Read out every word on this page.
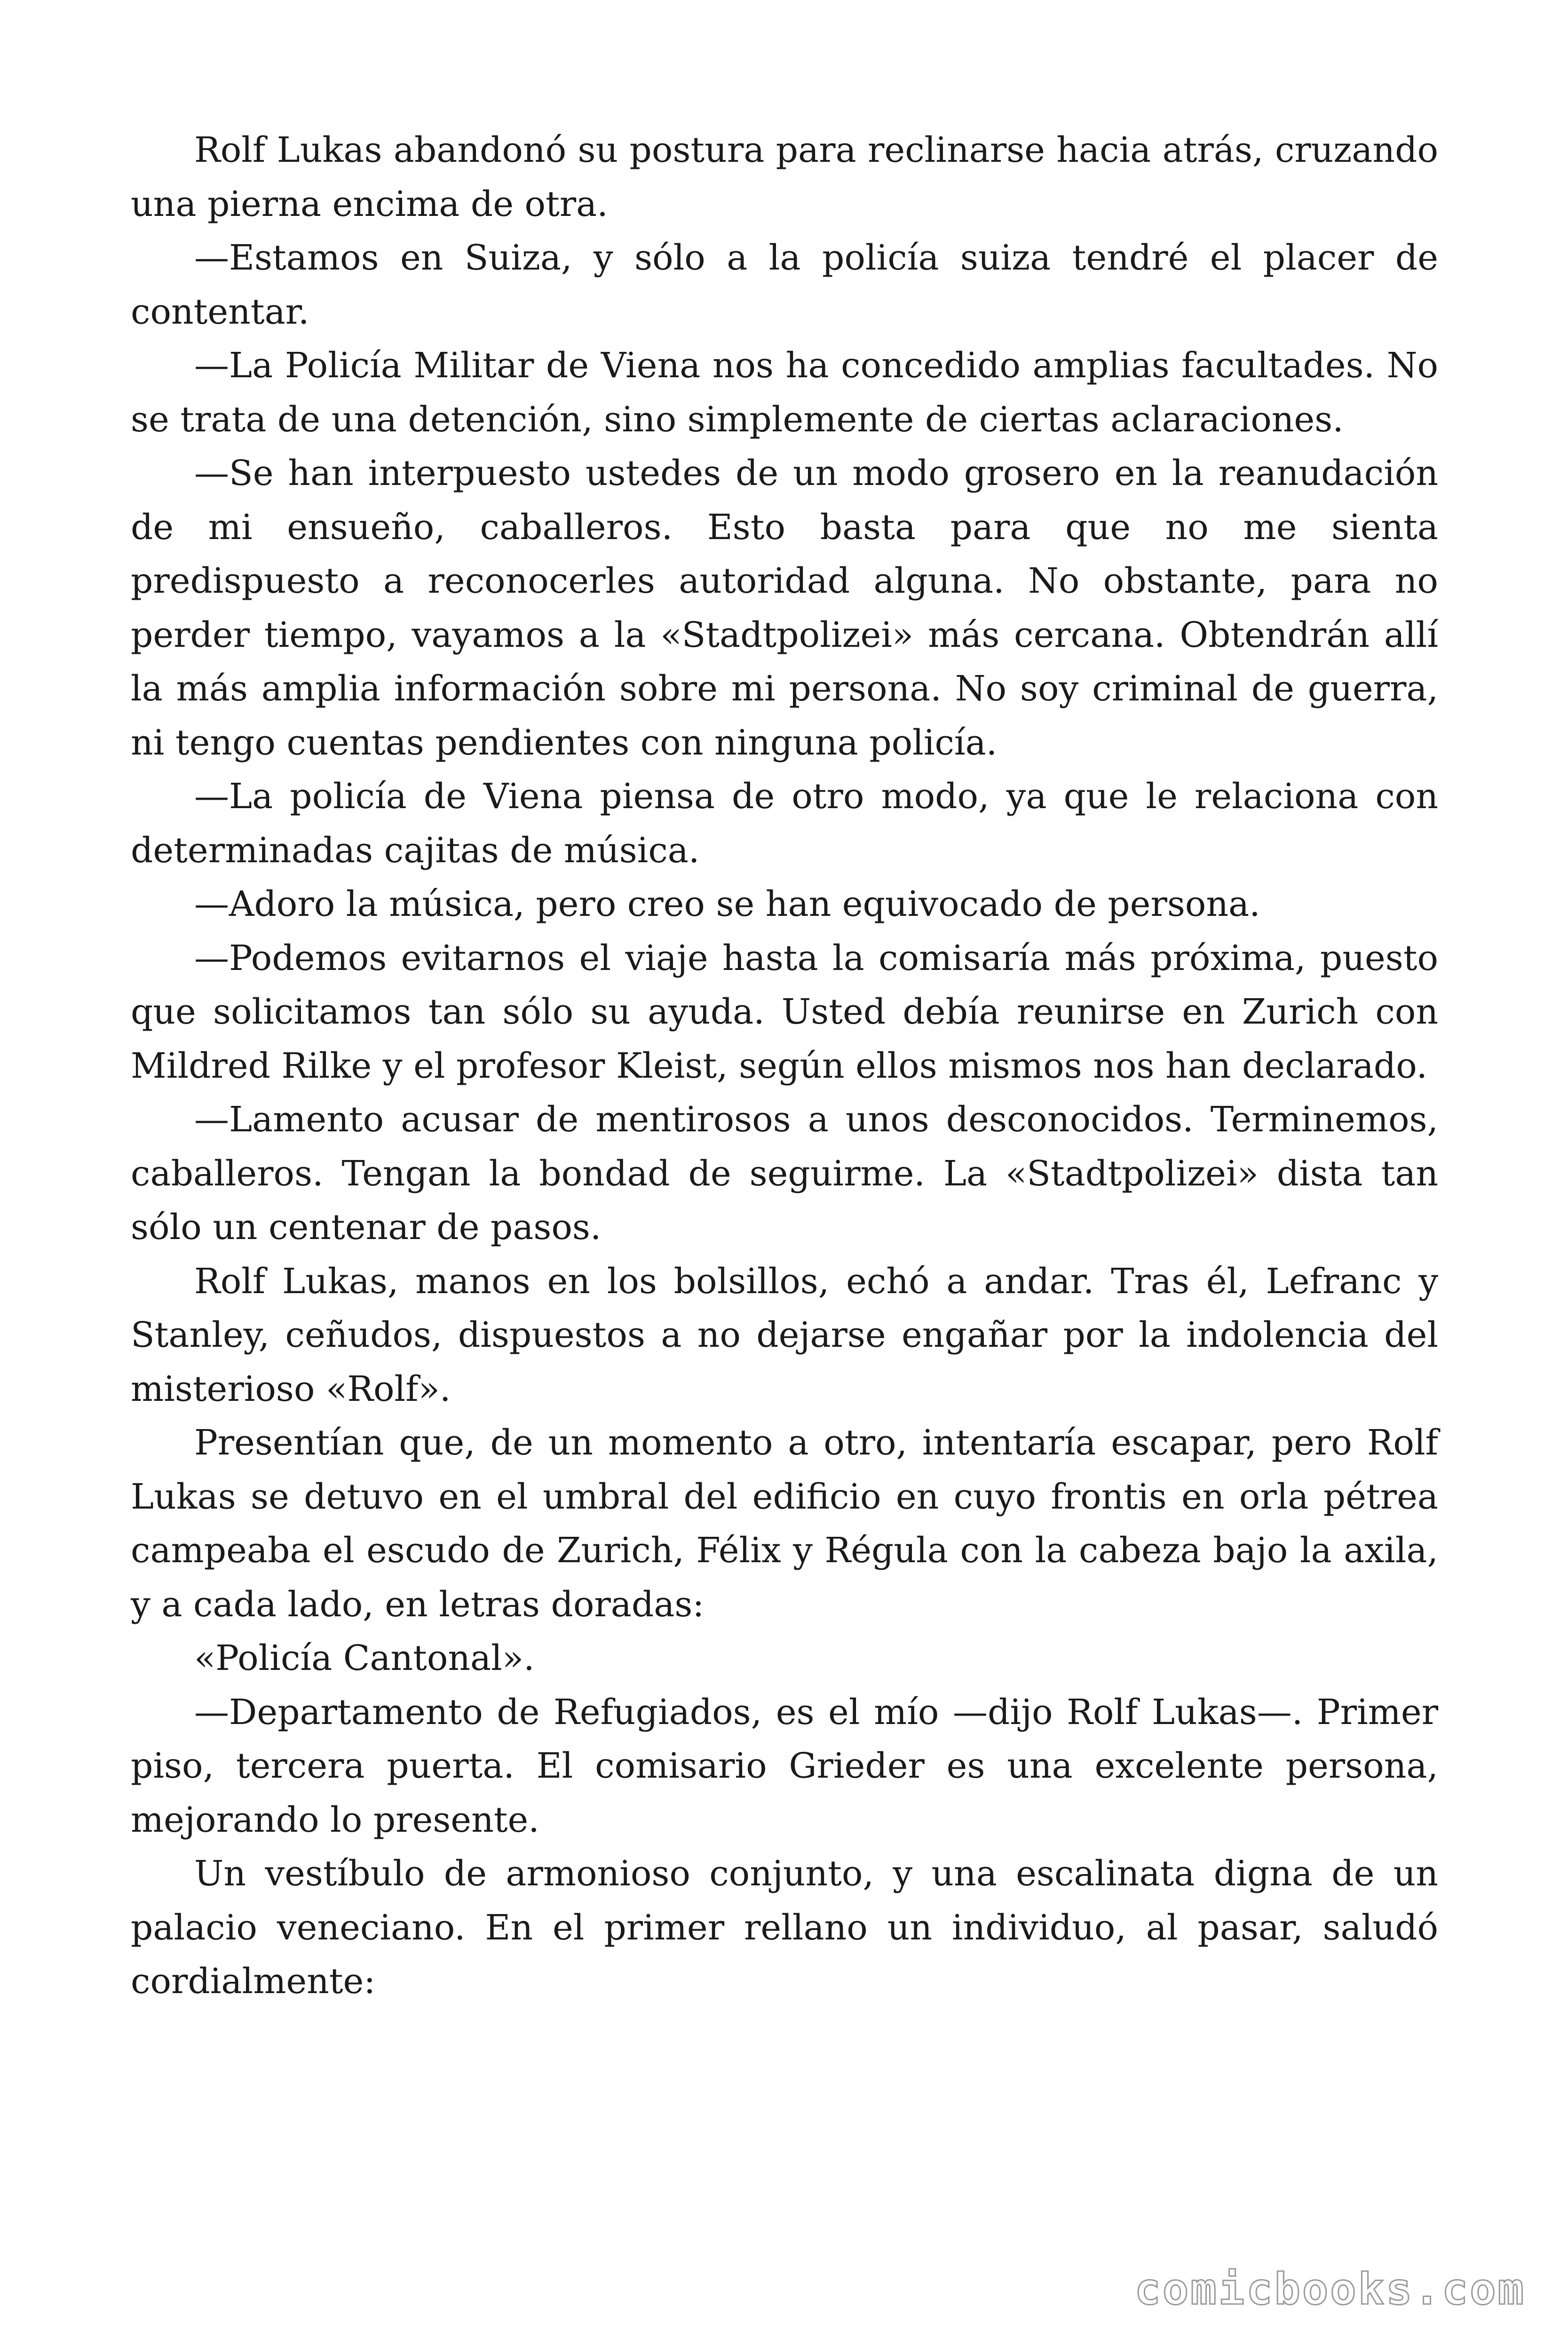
Rolf Lukas abandonó su postura para reclinarse hacia atrás, cruzando una pierna encima de otra.

—Estamos en Suiza, y sólo a la policía suiza tendré el placer de contentar.

—La Policía Militar de Viena nos ha concedido amplias facultades. No se trata de una detención, sino simplemente de ciertas aclaraciones.

—Se han interpuesto ustedes de un modo grosero en la reanudación de mi ensueño, caballeros. Esto basta para que no me sienta predispuesto a reconocerles autoridad alguna. No obstante, para no perder tiempo, vayamos a la «Stadtpolizei» más cercana. Obtendrán allí la más amplia información sobre mi persona. No soy criminal de guerra, ni tengo cuentas pendientes con ninguna policía.

—La policía de Viena piensa de otro modo, ya que le relaciona con determinadas cajitas de música.

—Adoro la música, pero creo se han equivocado de persona.

—Podemos evitarnos el viaje hasta la comisaría más próxima, puesto que solicitamos tan sólo su ayuda. Usted debía reunirse en Zurich con Mildred Rilke y el profesor Kleist, según ellos mismos nos han declarado.

—Lamento acusar de mentirosos a unos desconocidos. Terminemos, caballeros. Tengan la bondad de seguirme. La «Stadtpolizei» dista tan sólo un centenar de pasos.

Rolf Lukas, manos en los bolsillos, echó a andar. Tras él, Lefranc y Stanley, ceñudos, dispuestos a no dejarse engañar por la indolencia del misterioso «Rolf».

Presentían que, de un momento a otro, intentaría escapar, pero Rolf Lukas se detuvo en el umbral del edificio en cuyo frontis en orla pétrea campeaba el escudo de Zurich, Félix y Régula con la cabeza bajo la axila, y a cada lado, en letras doradas:

«Policía Cantonal».

—Departamento de Refugiados, es el mío —dijo Rolf Lukas—. Primer piso, tercera puerta. El comisario Grieder es una excelente persona, mejorando lo presente.

Un vestíbulo de armonioso conjunto, y una escalinata digna de un palacio veneciano. En el primer rellano un individuo, al pasar, saludó cordialmente:

comicbooks.com
